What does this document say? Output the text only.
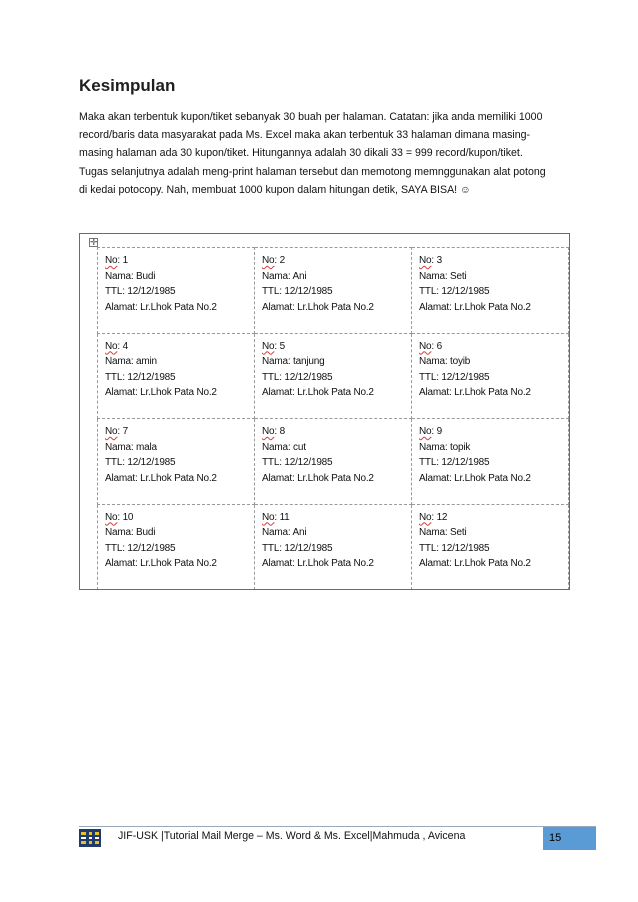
Kesimpulan
Maka akan terbentuk kupon/tiket sebanyak 30 buah per halaman. Catatan: jika anda memiliki 1000
record/baris data masyarakat pada Ms. Excel maka akan terbentuk 33 halaman dimana masing-
masing halaman ada 30 kupon/tiket. Hitungannya adalah 30 dikali 33 = 999 record/kupon/tiket.
Tugas selanjutnya adalah meng-print halaman tersebut dan memotong memnggunakan alat potong
di kedai potocopy. Nah, membuat 1000 kupon dalam hitungan detik, SAYA BISA! ☺
✛
No: 1
Nama: Budi
TTL: 12/12/1985
Alamat: Lr.Lhok Pata No.2	No: 2
Nama: Ani
TTL: 12/12/1985
Alamat: Lr.Lhok Pata No.2	No: 3
Nama: Seti
TTL: 12/12/1985
Alamat: Lr.Lhok Pata No.2

No: 4
Nama: amin
TTL: 12/12/1985
Alamat: Lr.Lhok Pata No.2	No: 5
Nama: tanjung
TTL: 12/12/1985
Alamat: Lr.Lhok Pata No.2	No: 6
Nama: toyib
TTL: 12/12/1985
Alamat: Lr.Lhok Pata No.2

No: 7
Nama: mala
TTL: 12/12/1985
Alamat: Lr.Lhok Pata No.2	No: 8
Nama: cut
TTL: 12/12/1985
Alamat: Lr.Lhok Pata No.2	No: 9
Nama: topik
TTL: 12/12/1985
Alamat: Lr.Lhok Pata No.2

No: 10
Nama: Budi
TTL: 12/12/1985
Alamat: Lr.Lhok Pata No.2	No: 11
Nama: Ani
TTL: 12/12/1985
Alamat: Lr.Lhok Pata No.2	No: 12
Nama: Seti
TTL: 12/12/1985
Alamat: Lr.Lhok Pata No.2
JIF-USK |Tutorial Mail Merge – Ms. Word & Ms. Excel|Mahmuda , Avicena	15
